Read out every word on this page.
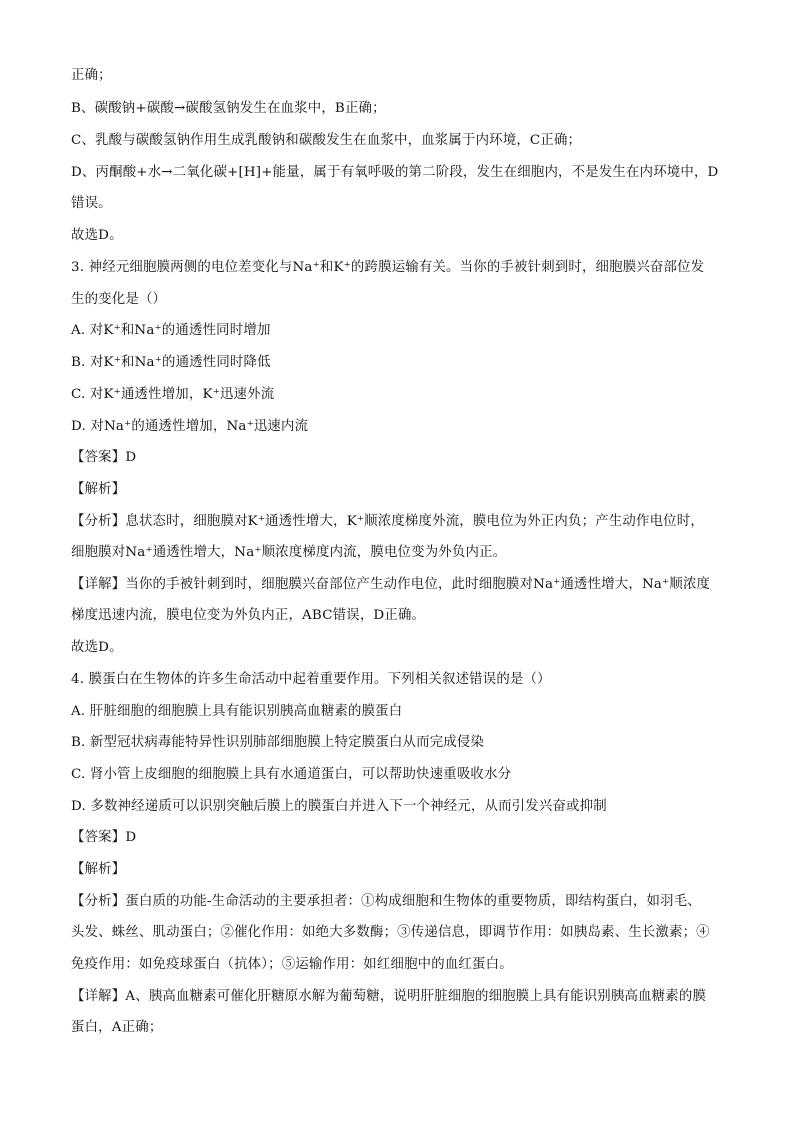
正确；
B、碳酸钠+碳酸→碳酸氢钠发生在血浆中，B正确；
C、乳酸与碳酸氢钠作用生成乳酸钠和碳酸发生在血浆中，血浆属于内环境，C正确；
D、丙酮酸+水→二氧化碳+[H]+能量，属于有氧呼吸的第二阶段，发生在细胞内，不是发生在内环境中，D
错误。
故选D。
3. 神经元细胞膜两侧的电位差变化与Na⁺和K⁺的跨膜运输有关。当你的手被针刺到时，细胞膜兴奋部位发
生的变化是（）
A. 对K⁺和Na⁺的通透性同时增加
B. 对K⁺和Na⁺的通透性同时降低
C. 对K⁺通透性增加，K⁺迅速外流
D. 对Na⁺的通透性增加，Na⁺迅速内流
【答案】D
【解析】
【分析】息状态时，细胞膜对K⁺通透性增大，K⁺顺浓度梯度外流，膜电位为外正内负；产生动作电位时，
细胞膜对Na⁺通透性增大，Na⁺顺浓度梯度内流，膜电位变为外负内正。
【详解】当你的手被针刺到时，细胞膜兴奋部位产生动作电位，此时细胞膜对Na⁺通透性增大，Na⁺顺浓度
梯度迅速内流，膜电位变为外负内正，ABC错误，D正确。
故选D。
4. 膜蛋白在生物体的许多生命活动中起着重要作用。下列相关叙述错误的是（）
A. 肝脏细胞的细胞膜上具有能识别胰高血糖素的膜蛋白
B. 新型冠状病毒能特异性识别肺部细胞膜上特定膜蛋白从而完成侵染
C. 肾小管上皮细胞的细胞膜上具有水通道蛋白，可以帮助快速重吸收水分
D. 多数神经递质可以识别突触后膜上的膜蛋白并进入下一个神经元，从而引发兴奋或抑制
【答案】D
【解析】
【分析】蛋白质的功能-生命活动的主要承担者：①构成细胞和生物体的重要物质，即结构蛋白，如羽毛、
头发、蛛丝、肌动蛋白；②催化作用：如绝大多数酶；③传递信息，即调节作用：如胰岛素、生长激素；④
免疫作用：如免疫球蛋白（抗体）；⑤运输作用：如红细胞中的血红蛋白。
【详解】A、胰高血糖素可催化肝糖原水解为葡萄糖，说明肝脏细胞的细胞膜上具有能识别胰高血糖素的膜
蛋白，A正确；
